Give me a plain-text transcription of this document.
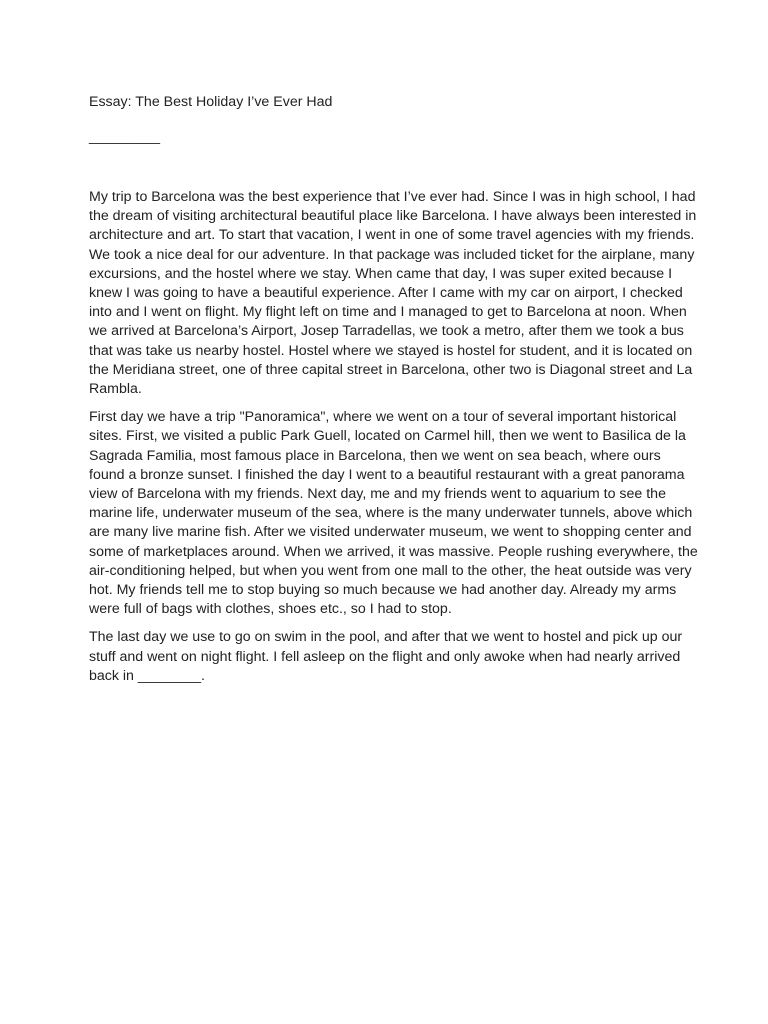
Essay: The Best Holiday I’ve Ever Had

_________

My trip to Barcelona was the best experience that I’ve ever had. Since I was in high school, I had the dream of visiting architectural beautiful place like Barcelona. I have always been interested in architecture and art. To start that vacation, I went in one of some travel agencies with my friends. We took a nice deal for our adventure. In that package was included ticket for the airplane, many excursions, and the hostel where we stay. When came that day, I was super exited because I knew I was going to have a beautiful experience. After I came with my car on airport, I checked into and I went on flight. My flight left on time and I managed to get to Barcelona at noon. When we arrived at Barcelona’s Airport, Josep Tarradellas, we took a metro, after them we took a bus that was take us nearby hostel. Hostel where we stayed is hostel for student, and it is located on the Meridiana street, one of three capital street in Barcelona, other two is Diagonal street and La Rambla.

First day we have a trip "Panoramica", where we went on a tour of several important historical sites. First, we visited a public Park Guell, located on Carmel hill, then we went to Basilica de la Sagrada Familia, most famous place in Barcelona, then we went on sea beach, where ours found a bronze sunset. I finished the day I went to a beautiful restaurant with a great panorama view of Barcelona with my friends. Next day, me and my friends went to aquarium to see the marine life, underwater museum of the sea, where is the many underwater tunnels, above which are many live marine fish. After we visited underwater museum, we went to shopping center and some of marketplaces around. When we arrived, it was massive. People rushing everywhere, the air-conditioning helped, but when you went from one mall to the other, the heat outside was very hot. My friends tell me to stop buying so much because we had another day. Already my arms were full of bags with clothes, shoes etc., so I had to stop.

The last day we use to go on swim in the pool, and after that we went to hostel and pick up our stuff and went on night flight. I fell asleep on the flight and only awoke when had nearly arrived back in ________.
